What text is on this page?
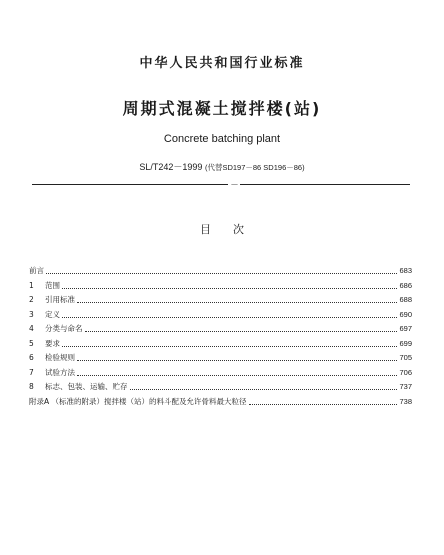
中华人民共和国行业标准
周期式混凝土搅拌楼(站)
Concrete batching plant
SL/T242－1999 (代替SD197－86 SD196－86)
—
目次
前言	683
1	范围	686
2	引用标准	688
3	定义	690
4	分类与命名	697
5	要求	699
6	检验规则	705
7	试验方法	706
8	标志、包装、运输、贮存	737
附录A （标准的附录）搅拌楼（站）的料斗配及允许骨料最大粒径	738
